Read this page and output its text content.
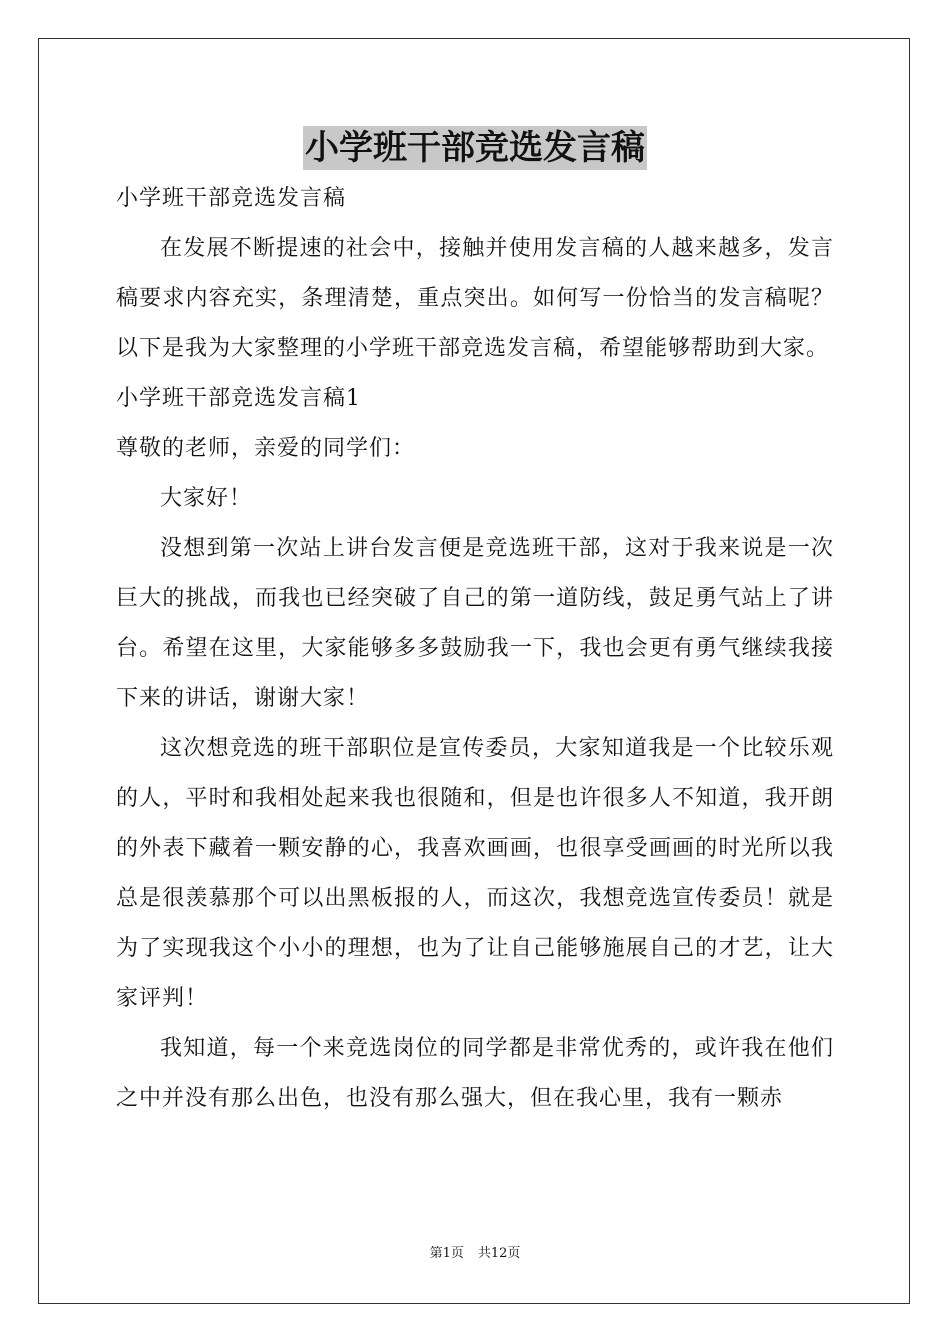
小学班干部竞选发言稿

小学班干部竞选发言稿

在发展不断提速的社会中，接触并使用发言稿的人越来越多，发言稿要求内容充实，条理清楚，重点突出。如何写一份恰当的发言稿呢？以下是我为大家整理的小学班干部竞选发言稿，希望能够帮助到大家。

小学班干部竞选发言稿1

尊敬的老师，亲爱的同学们：

大家好！

没想到第一次站上讲台发言便是竞选班干部，这对于我来说是一次巨大的挑战，而我也已经突破了自己的第一道防线，鼓足勇气站上了讲台。希望在这里，大家能够多多鼓励我一下，我也会更有勇气继续我接下来的讲话，谢谢大家！

这次想竞选的班干部职位是宣传委员，大家知道我是一个比较乐观的人，平时和我相处起来我也很随和，但是也许很多人不知道，我开朗的外表下藏着一颗安静的心，我喜欢画画，也很享受画画的时光所以我总是很羡慕那个可以出黑板报的人，而这次，我想竞选宣传委员！就是为了实现我这个小小的理想，也为了让自己能够施展自己的才艺，让大家评判！

我知道，每一个来竞选岗位的同学都是非常优秀的，或许我在他们之中并没有那么出色，也没有那么强大，但在我心里，我有一颗赤

第1页 共12页
